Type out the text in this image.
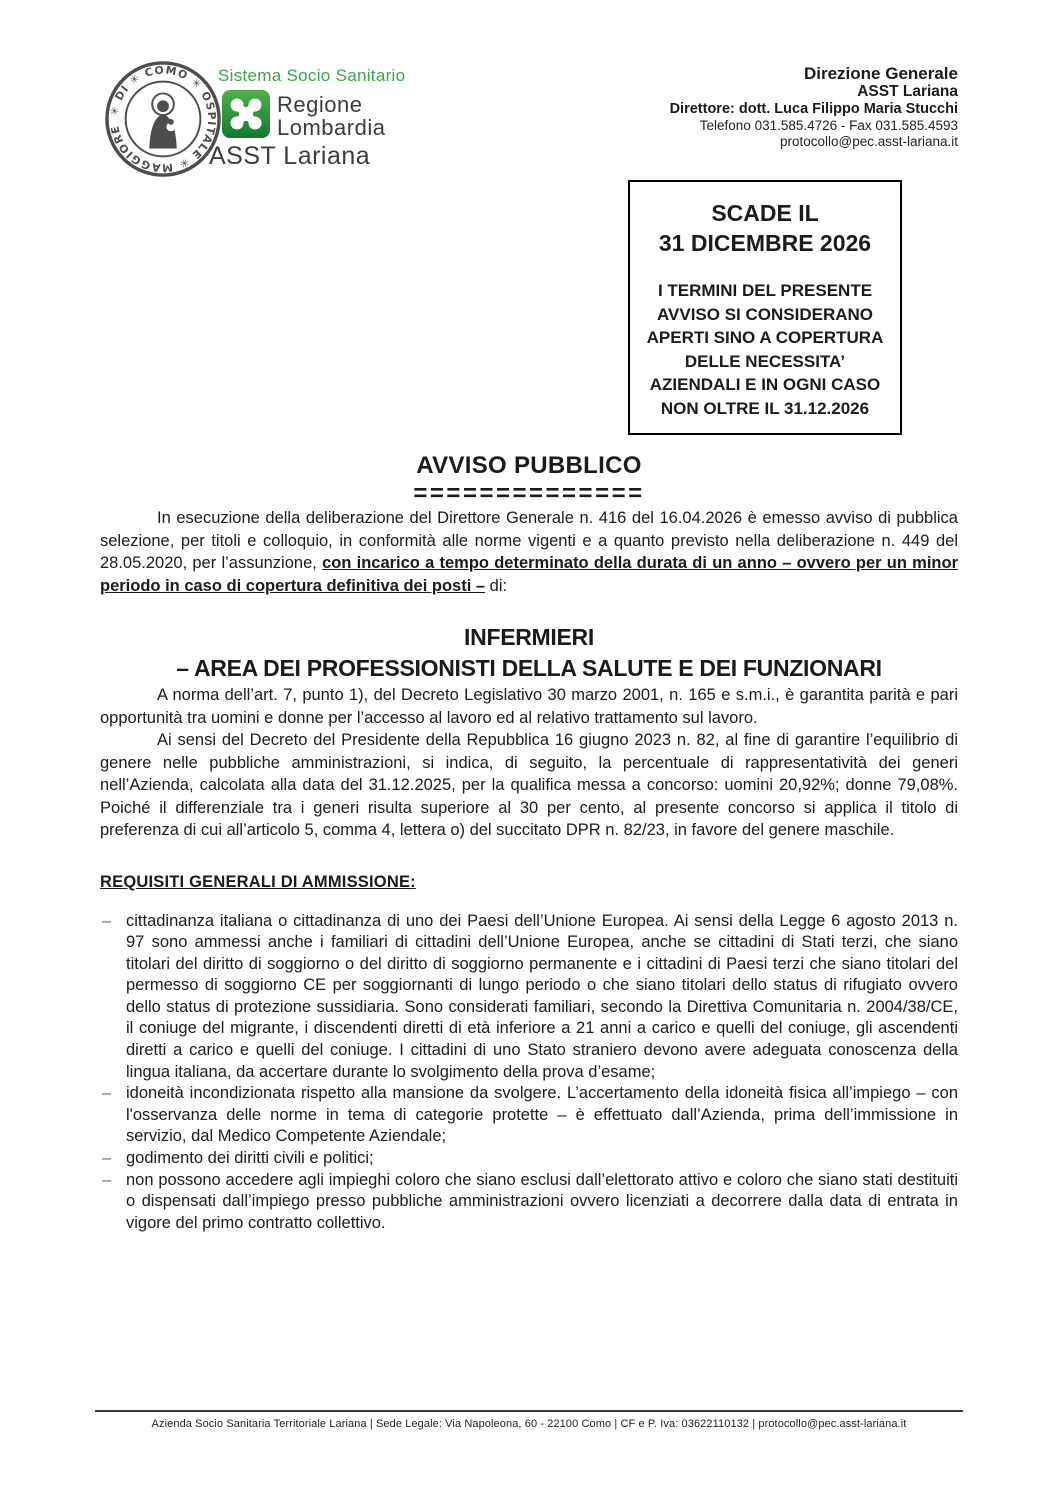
✳ DI ✳ COMO ✳ OSPITALE ✳ MAGGIORE
Sistema Socio Sanitario
Regione
Lombardia
ASST Lariana
Direzione Generale
ASST Lariana
Direttore: dott. Luca Filippo Maria Stucchi
Telefono 031.585.4726 - Fax 031.585.4593
protocollo@pec.asst-lariana.it
SCADE IL
31 DICEMBRE 2026
I TERMINI DEL PRESENTE
AVVISO SI CONSIDERANO
APERTI SINO A COPERTURA
DELLE NECESSITA’
AZIENDALI E IN OGNI CASO
NON OLTRE IL 31.12.2026
AVVISO PUBBLICO
==============

In esecuzione della deliberazione del Direttore Generale n. 416 del 16.04.2026 è emesso avviso di pubblica selezione, per titoli e colloquio, in conformità alle norme vigenti e a quanto previsto nella deliberazione n. 449 del 28.05.2020, per l’assunzione, con incarico a tempo determinato della durata di un anno – ovvero per un minor periodo in caso di copertura definitiva dei posti – di:

INFERMIERI
– AREA DEI PROFESSIONISTI DELLA SALUTE E DEI FUNZIONARI

A norma dell’art. 7, punto 1), del Decreto Legislativo 30 marzo 2001, n. 165 e s.m.i., è garantita parità e pari opportunità tra uomini e donne per l’accesso al lavoro ed al relativo trattamento sul lavoro.

Ai sensi del Decreto del Presidente della Repubblica 16 giugno 2023 n. 82, al fine di garantire l’equilibrio di genere nelle pubbliche amministrazioni, si indica, di seguito, la percentuale di rappresentatività dei generi nell’Azienda, calcolata alla data del 31.12.2025, per la qualifica messa a concorso: uomini 20,92%; donne 79,08%. Poiché il differenziale tra i generi risulta superiore al 30 per cento, al presente concorso si applica il titolo di preferenza di cui all’articolo 5, comma 4, lettera o) del succitato DPR n. 82/23, in favore del genere maschile.

REQUISITI GENERALI DI AMMISSIONE:
– cittadinanza italiana o cittadinanza di uno dei Paesi dell’Unione Europea. Ai sensi della Legge 6 agosto 2013 n. 97 sono ammessi anche i familiari di cittadini dell’Unione Europea, anche se cittadini di Stati terzi, che siano titolari del diritto di soggiorno o del diritto di soggiorno permanente e i cittadini di Paesi terzi che siano titolari del permesso di soggiorno CE per soggiornanti di lungo periodo o che siano titolari dello status di rifugiato ovvero dello status di protezione sussidiaria. Sono considerati familiari, secondo la Direttiva Comunitaria n. 2004/38/CE, il coniuge del migrante, i discendenti diretti di età inferiore a 21 anni a carico e quelli del coniuge, gli ascendenti diretti a carico e quelli del coniuge. I cittadini di uno Stato straniero devono avere adeguata conoscenza della lingua italiana, da accertare durante lo svolgimento della prova d’esame;
– idoneità incondizionata rispetto alla mansione da svolgere. L’accertamento della idoneità fisica all’impiego – con l'osservanza delle norme in tema di categorie protette – è effettuato dall’Azienda, prima dell’immissione in servizio, dal Medico Competente Aziendale;
– godimento dei diritti civili e politici;
– non possono accedere agli impieghi coloro che siano esclusi dall’elettorato attivo e coloro che siano stati destituiti o dispensati dall’impiego presso pubbliche amministrazioni ovvero licenziati a decorrere dalla data di entrata in vigore del primo contratto collettivo.
Azienda Socio Sanitaria Territoriale Lariana | Sede Legale: Via Napoleona, 60 - 22100 Como | CF e P. Iva: 03622110132 | protocollo@pec.asst-lariana.it
